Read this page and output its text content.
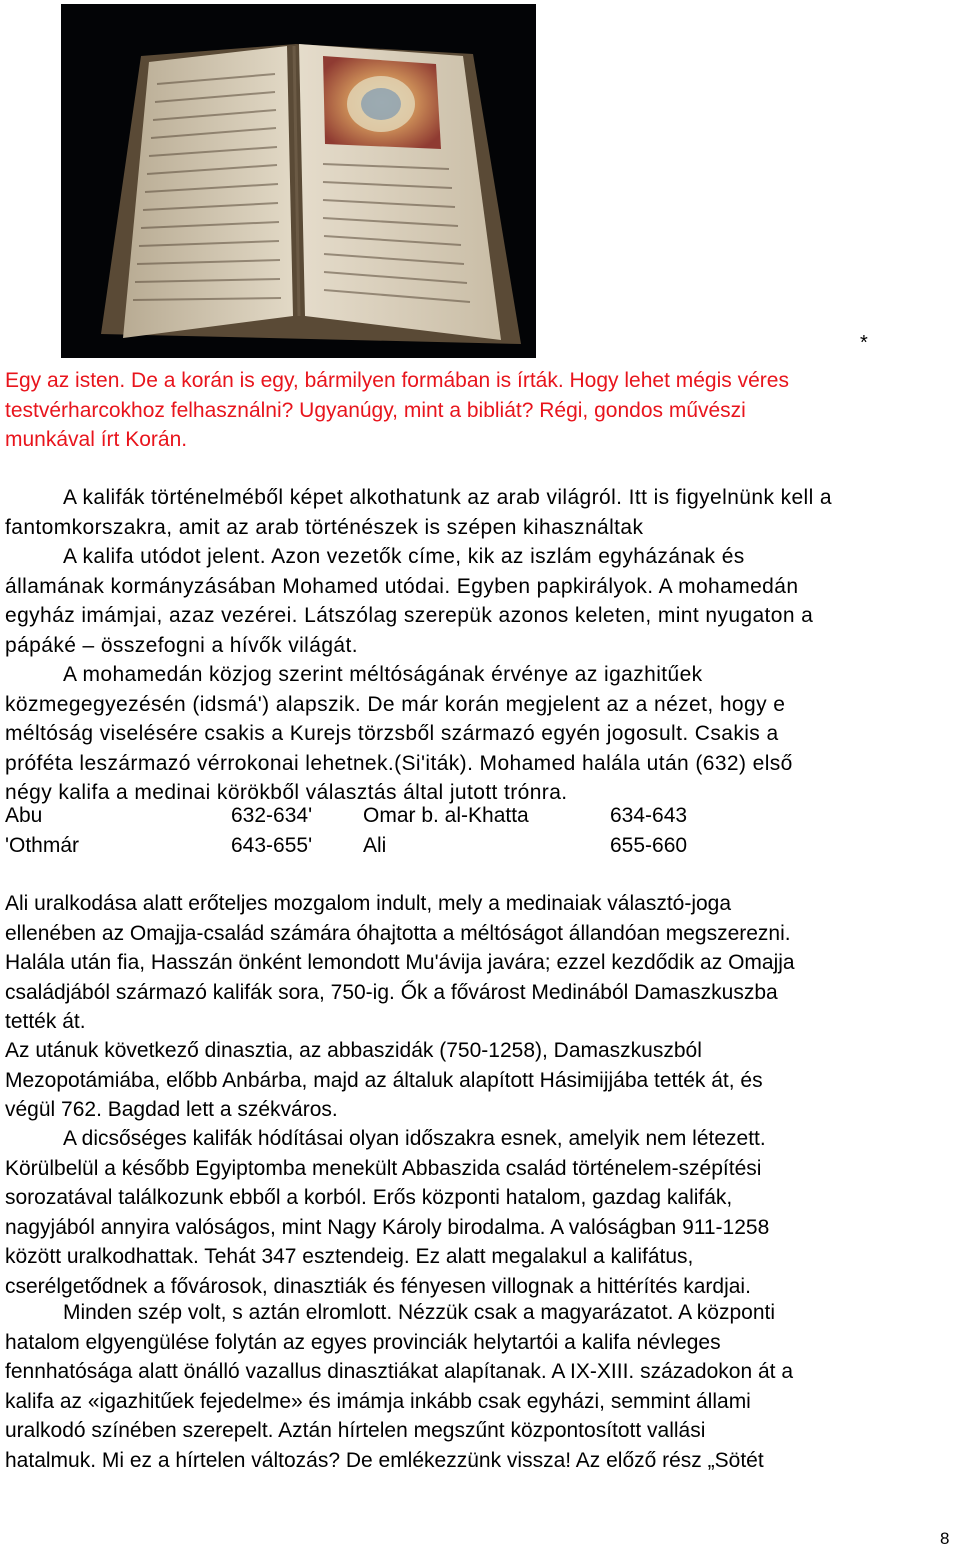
*

Egy az isten. De a korán is egy, bármilyen formában is írták. Hogy lehet mégis véres
testvérharcokhoz felhasználni? Ugyanúgy, mint a bibliát? Régi, gondos művészi
munkával írt Korán.

A kalifák történelméből képet alkothatunk az arab világról. Itt is figyelnünk kell a
fantomkorszakra, amit az arab történészek is szépen kihasználtak
A kalifa utódot jelent. Azon vezetők címe, kik az iszlám egyházának és
államának kormányzásában Mohamed utódai. Egyben papkirályok. A mohamedán
egyház imámjai, azaz vezérei. Látszólag szerepük azonos keleten, mint nyugaton a
pápáké – összefogni a hívők világát.
A mohamedán közjog szerint méltóságának érvénye az igazhitűek
közmegegyezésén (idsmá') alapszik. De már korán megjelent az a nézet, hogy e
méltóság viselésére csakis a Kurejs törzsből származó egyén jogosult. Csakis a
próféta leszármazó vérrokonai lehetnek.(Si'iták). Mohamed halála után (632) első
négy kalifa a medinai körökből választás által jutott trónra.

Abu	632-634' Omar b. al-Khatta	634-643
'Othmár	643-655' Ali	655-660

Ali uralkodása alatt erőteljes mozgalom indult, mely a medinaiak választó-joga
ellenében az Omajja-család számára óhajtotta a méltóságot állandóan megszerezni.
Halála után fia, Hasszán önként lemondott Mu'ávija javára; ezzel kezdődik az Omajja
családjából származó kalifák sora, 750-ig. Ők a fővárost Medinából Damaszkuszba
tették át.

Az utánuk következő dinasztia, az abbaszidák (750-1258), Damaszkuszból
Mezopotámiába, előbb Anbárba, majd az általuk alapított Hásimijjába tették át, és
végül 762. Bagdad lett a székváros.

A dicsőséges kalifák hódításai olyan időszakra esnek, amelyik nem létezett.
Körülbelül a később Egyiptomba menekült Abbaszida család történelem-szépítési
sorozatával találkozunk ebből a korból. Erős központi hatalom, gazdag kalifák,
nagyjából annyira valóságos, mint Nagy Károly birodalma. A valóságban 911-1258
között uralkodhattak. Tehát 347 esztendeig. Ez alatt megalakul a kalifátus,
cserélgetődnek a fővárosok, dinasztiák és fényesen villognak a hittérítés kardjai.

Minden szép volt, s aztán elromlott. Nézzük csak a magyarázatot. A központi
hatalom elgyengülése folytán az egyes provinciák helytartói a kalifa névleges
fennhatósága alatt önálló vazallus dinasztiákat alapítanak. A IX-XIII. századokon át a
kalifa az «igazhitűek fejedelme» és imámja inkább csak egyházi, semmint állami
uralkodó színében szerepelt. Aztán hírtelen megszűnt központosított vallási
hatalmuk. Mi ez a hírtelen változás? De emlékezzünk vissza! Az előző rész „Sötét

8
